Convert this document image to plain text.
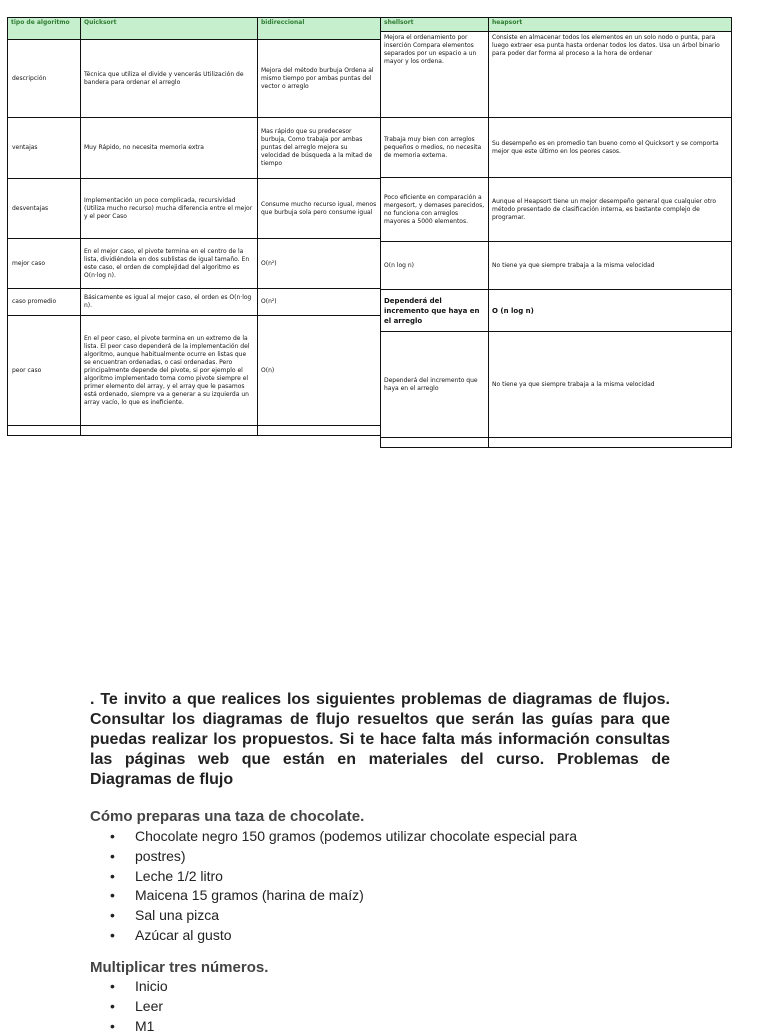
tipo de algoritmo	Quicksort	bidireccional
descripción	Técnica que utiliza el divide y vencerás Utilización de bandera para ordenar el arreglo	Mejora del método burbuja Ordena al mismo tiempo por ambas puntas del vector o arreglo
ventajas	Muy Rápido, no necesita memoria extra	Mas rápido que su predecesor burbuja, Como trabaja por ambas puntas del arreglo mejora su velocidad de búsqueda a la mitad de tiempo
desventajas	Implementación un poco complicada, recursividad (Utiliza mucho recurso) mucha diferencia entre el mejor y el peor Caso	Consume mucho recurso igual, menos que burbuja sola pero consume igual
mejor caso	En el mejor caso, el pivote termina en el centro de la lista, dividiéndola en dos sublistas de igual tamaño. En este caso, el orden de complejidad del algoritmo es O(n·log n).	O(n²)
caso promedio	Básicamente es igual al mejor caso, el orden es O(n·log n).	O(n²)
peor caso	En el peor caso, el pivote termina en un extremo de la lista. El peor caso dependerá de la implementación del algoritmo, aunque habitualmente ocurre en listas que se encuentran ordenadas, o casi ordenadas. Pero principalmente depende del pivote, si por ejemplo el algoritmo implementado toma como pivote siempre el primer elemento del array, y el array que le pasamos está ordenado, siempre va a generar a su izquierda un array vacío, lo que es ineficiente.	O(n)

shellsort	heapsort
Mejora el ordenamiento por inserción Compara elementos separados por un espacio a un mayor y los ordena.	Consiste en almacenar todos los elementos en un solo nodo o punta, para luego extraer esa punta hasta ordenar todos los datos. Usa un árbol binario para poder dar forma al proceso a la hora de ordenar
Trabaja muy bien con arreglos pequeños o medios, no necesita de memoria externa.	Su desempeño es en promedio tan bueno como el Quicksort y se comporta mejor que este último en los peores casos.
Poco eficiente en comparación a mergesort, y demases parecidos, no funciona con arreglos mayores a 5000 elementos.	Aunque el Heapsort tiene un mejor desempeño general que cualquier otro método presentado de clasificación interna, es bastante complejo de programar.
O(n log n)	No tiene ya que siempre trabaja a la misma velocidad
Dependerá del incremento que haya en el arreglo	O (n log n)
Dependerá del incremento que haya en el arreglo	No tiene ya que siempre trabaja a la misma velocidad

. Te invito a que realices los siguientes problemas de diagramas de flujos. Consultar los diagramas de flujo resueltos que serán las guías para que puedas realizar los propuestos. Si te hace falta más información consultas las páginas web que están en materiales del curso. Problemas de Diagramas de flujo

Cómo preparas una taza de chocolate.
• Chocolate negro 150 gramos (podemos utilizar chocolate especial para
• postres)
• Leche 1/2 litro
• Maicena 15 gramos (harina de maíz)
• Sal una pizca
• Azúcar al gusto
Multiplicar tres números.
• Inicio
• Leer
• M1
